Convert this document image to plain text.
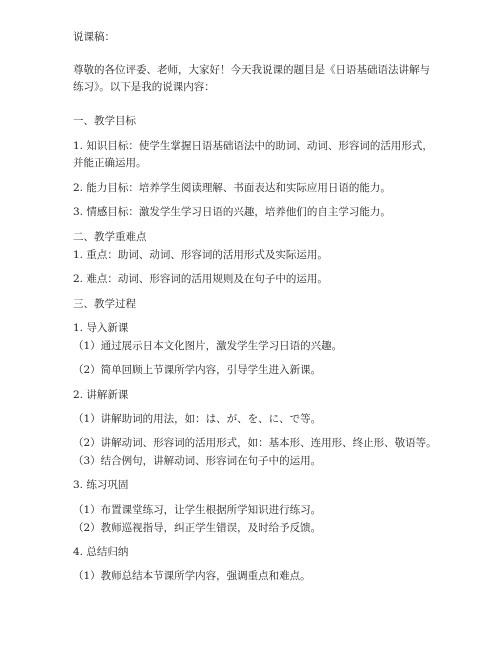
说课稿：
尊敬的各位评委、老师，大家好！今天我说课的题目是《日语基础语法讲解与练习》。以下是我的说课内容：
一、教学目标
1. 知识目标：使学生掌握日语基础语法中的助词、动词、形容词的活用形式，并能正确运用。
2. 能力目标：培养学生阅读理解、书面表达和实际应用日语的能力。
3. 情感目标：激发学生学习日语的兴趣，培养他们的自主学习能力。
二、教学重难点
1. 重点：助词、动词、形容词的活用形式及实际运用。
2. 难点：动词、形容词的活用规则及在句子中的运用。
三、教学过程
1. 导入新课
（1）通过展示日本文化图片，激发学生学习日语的兴趣。
（2）简单回顾上节课所学内容，引导学生进入新课。
2. 讲解新课
（1）讲解助词的用法，如：は、が、を、に、で等。
（2）讲解动词、形容词的活用形式，如：基本形、连用形、终止形、敬语等。
（3）结合例句，讲解动词、形容词在句子中的运用。
3. 练习巩固
（1）布置课堂练习，让学生根据所学知识进行练习。
（2）教师巡视指导，纠正学生错误，及时给予反馈。
4. 总结归纳
（1）教师总结本节课所学内容，强调重点和难点。
